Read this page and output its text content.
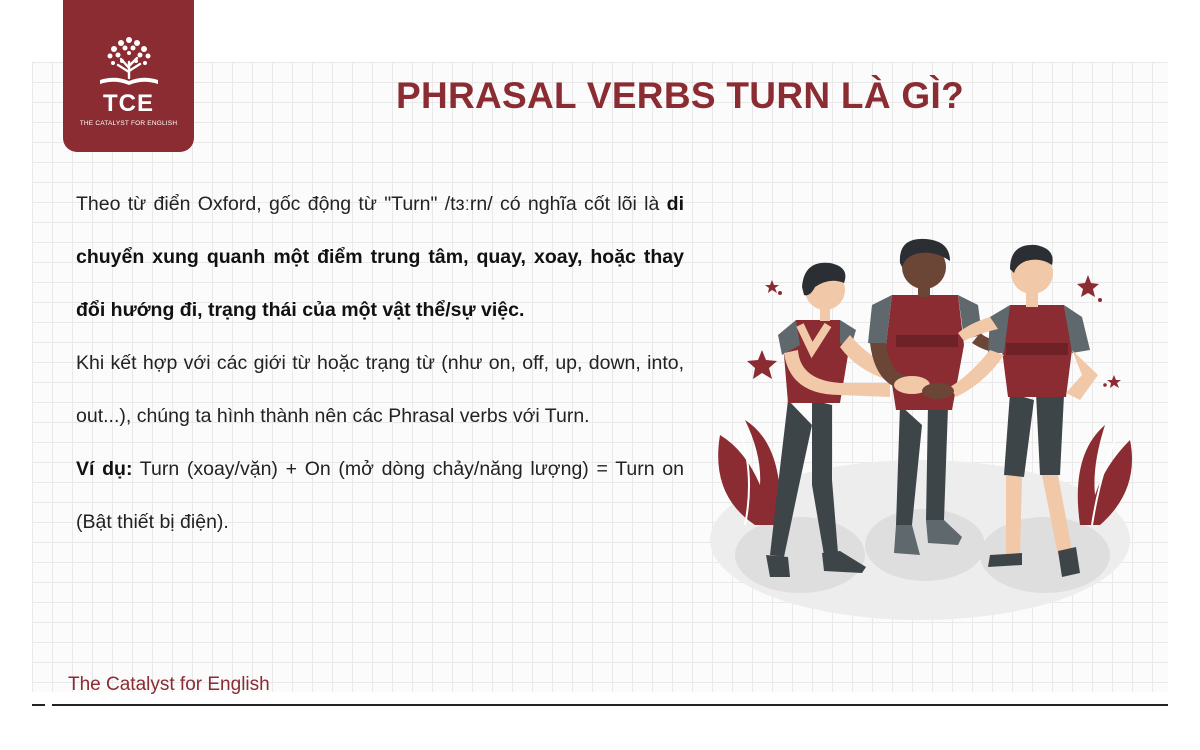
TCE
THE CATALYST FOR ENGLISH
PHRASAL VERBS TURN LÀ GÌ?

Theo từ điển Oxford, gốc động từ "Turn" /tɜːrn/ có nghĩa cốt lõi là di chuyển xung quanh một điểm trung tâm, quay, xoay, hoặc thay đổi hướng đi, trạng thái của một vật thể/sự việc.

Khi kết hợp với các giới từ hoặc trạng từ (như on, off, up, down, into, out...), chúng ta hình thành nên các Phrasal verbs với Turn.

Ví dụ: Turn (xoay/vặn) + On (mở dòng chảy/năng lượng) = Turn on (Bật thiết bị điện).

The Catalyst for English
